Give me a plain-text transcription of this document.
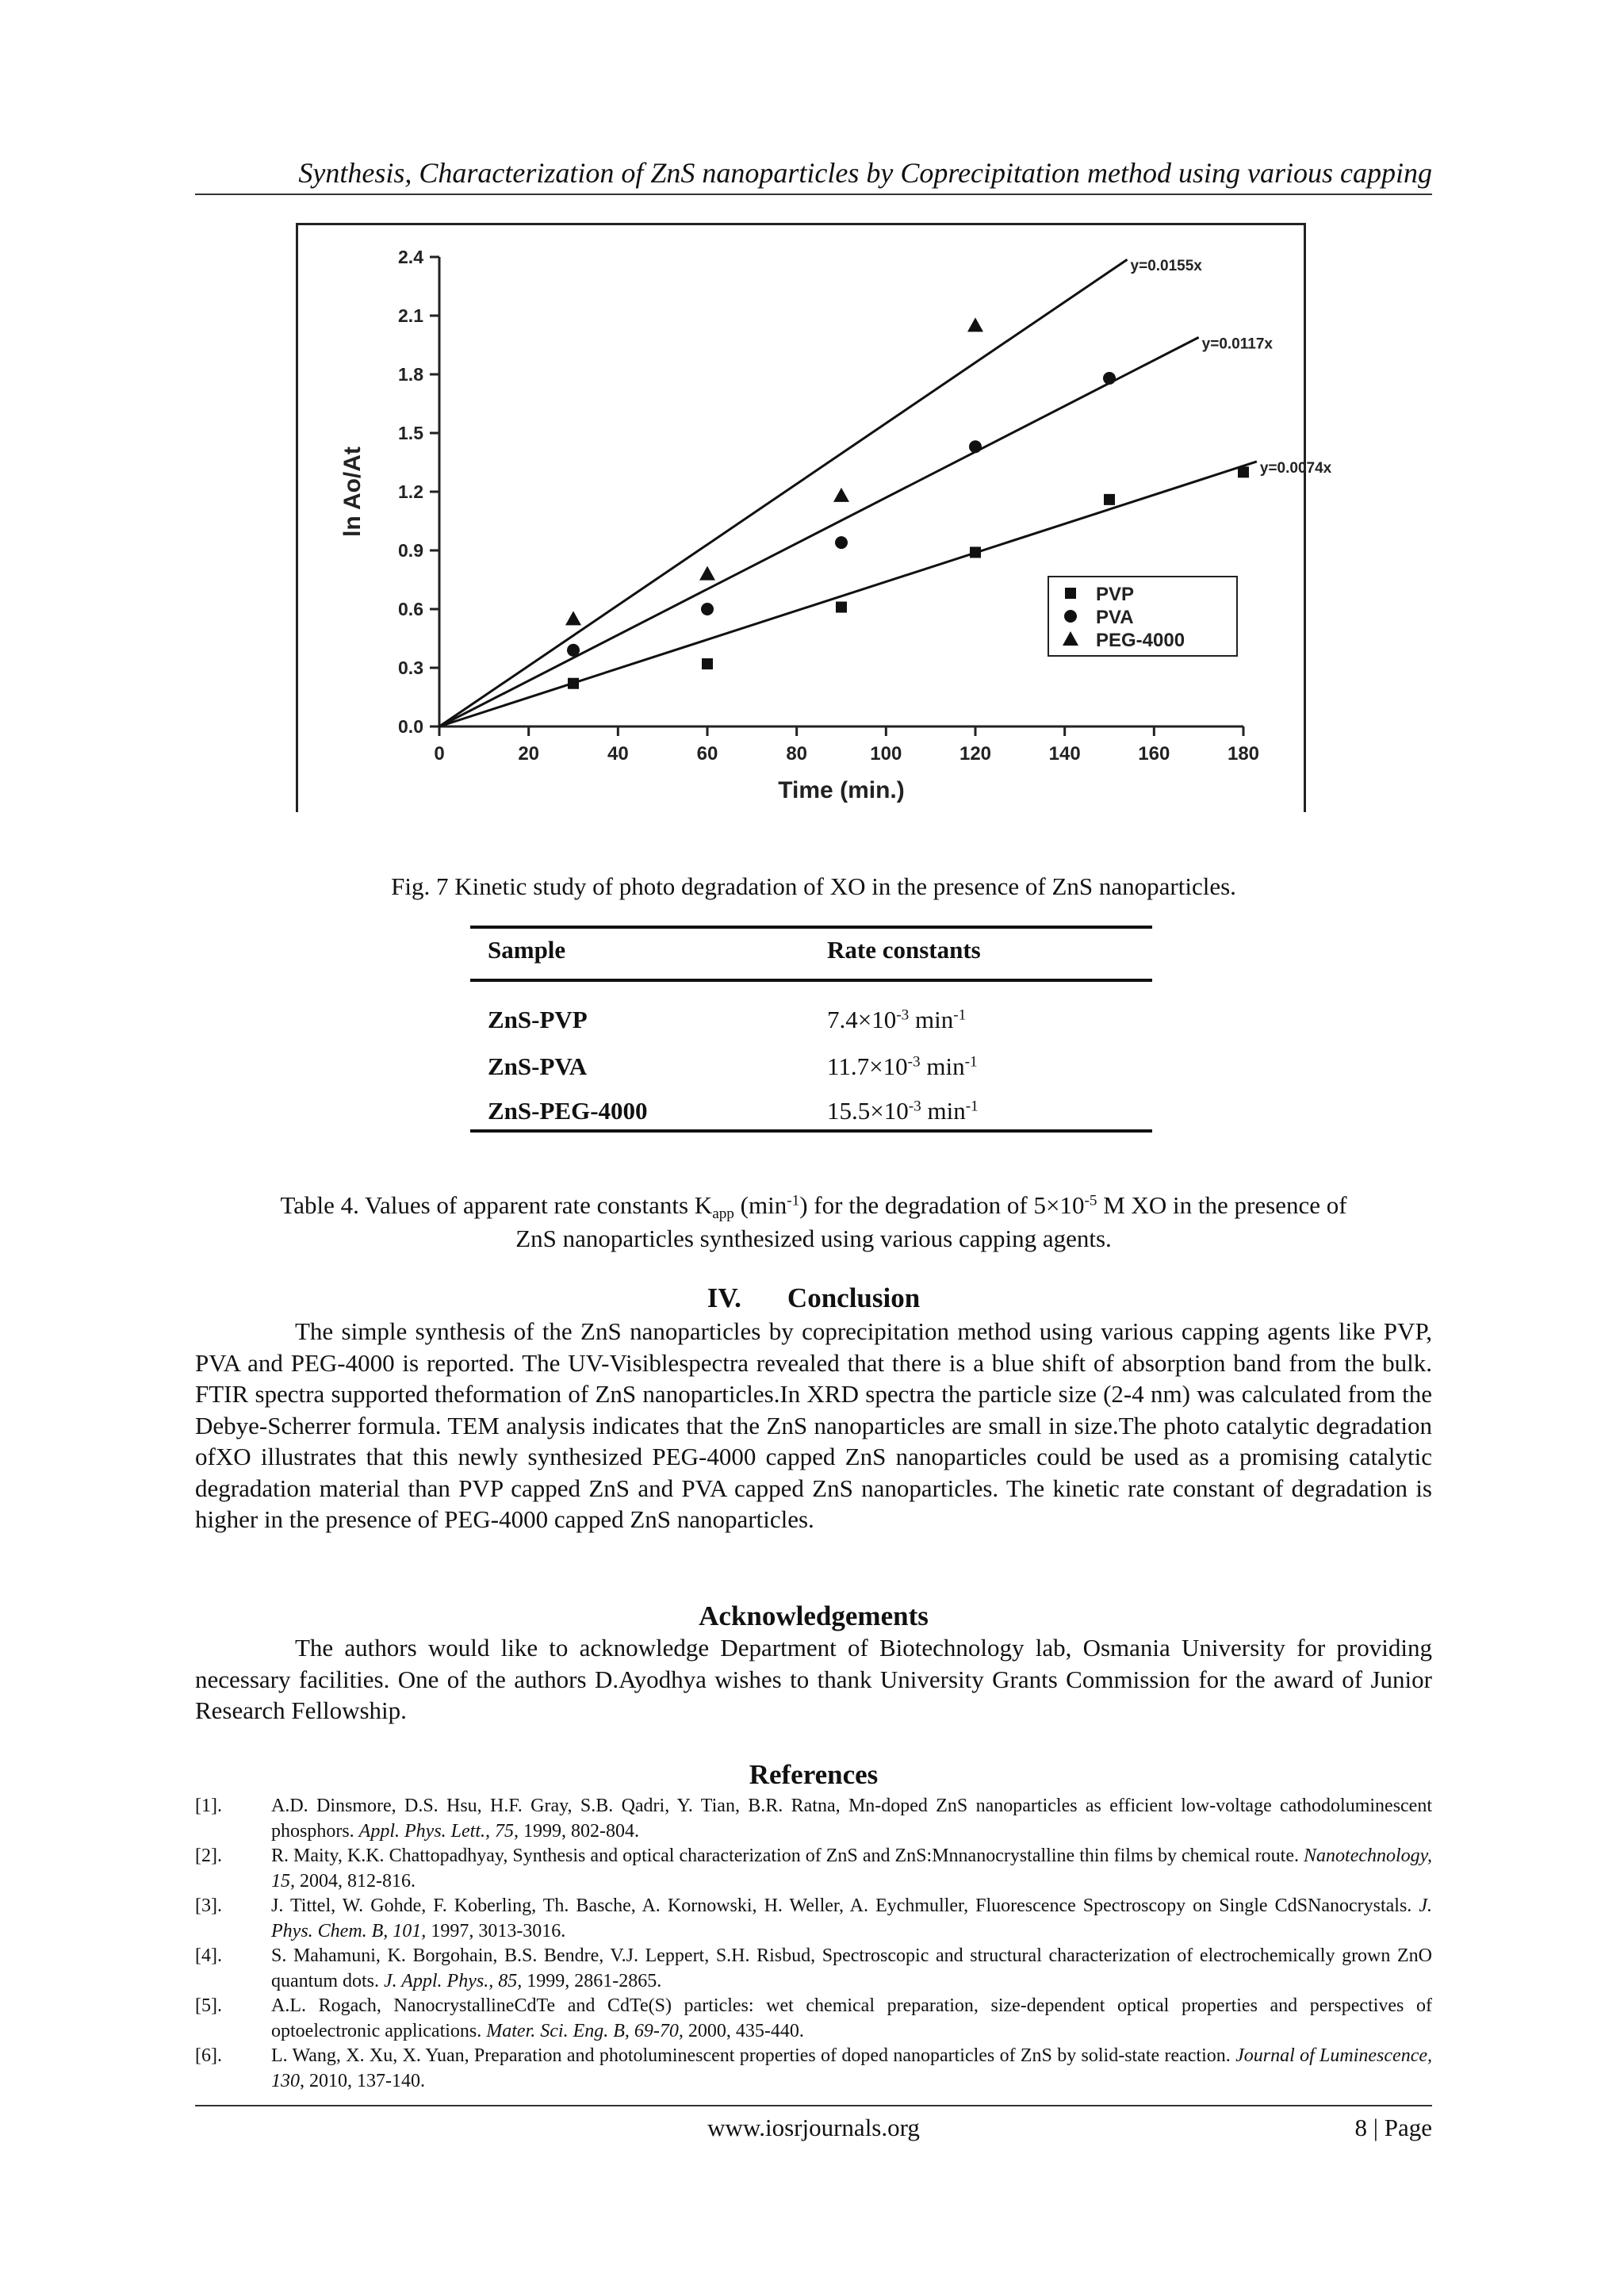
Synthesis, Characterization of ZnS nanoparticles by Coprecipitation method using various capping
0.0
0.3
0.6
0.9
1.2
1.5
1.8
2.1
2.4
0	20	40	60	80	100	120	140	160	180
Time (min.)
ln Ao/At	y=0.0074x
y=0.0117x
y=0.0155x
PVP
PVA
PEG-4000
Fig. 7 Kinetic study of photo degradation of XO in the presence of ZnS nanoparticles.
Sample	Rate constants
ZnS-PVP	$7.4\times 10^{-3}$ $\min^{-1}$
ZnS-PVA	$11.7\times 10^{-3}$ $\min^{-1}$
ZnS-PEG-4000	$15.5\times 10^{-3}$ $\min^{-1}$
Table 4. Values of apparent rate constants $K_{app}$ $(\min^{-1})$ for the degradation of $5\times 10^{-5}$ M XO in the presence of
ZnS nanoparticles synthesized using various capping agents.
IV. Conclusion
The simple synthesis of the ZnS nanoparticles by coprecipitation method using various capping agents like PVP, PVA and PEG-4000 is reported. The UV-Visiblespectra revealed that there is a blue shift of absorption band from the bulk. FTIR spectra supported theformation of ZnS nanoparticles.In XRD spectra the particle size (2-4 nm) was calculated from the Debye-Scherrer formula. TEM analysis indicates that the ZnS nanoparticles are small in size.The photo catalytic degradation ofXO illustrates that this newly synthesized PEG-4000 capped ZnS nanoparticles could be used as a promising catalytic degradation material than PVP capped ZnS and PVA capped ZnS nanoparticles. The kinetic rate constant of degradation is higher in the presence of PEG-4000 capped ZnS nanoparticles.
Acknowledgements
The authors would like to acknowledge Department of Biotechnology lab, Osmania University for providing necessary facilities. One of the authors D.Ayodhya wishes to thank University Grants Commission for the award of Junior Research Fellowship.
References
[1].	A.D. Dinsmore, D.S. Hsu, H.F. Gray, S.B. Qadri, Y. Tian, B.R. Ratna, Mn-doped ZnS nanoparticles as efficient low-voltage cathodoluminescent phosphors. Appl. Phys. Lett., 75, 1999, 802-804.
[2].	R. Maity, K.K. Chattopadhyay, Synthesis and optical characterization of ZnS and ZnS:Mnnanocrystalline thin films by chemical route. Nanotechnology, 15, 2004, 812-816.
[3].	J. Tittel, W. Gohde, F. Koberling, Th. Basche, A. Kornowski, H. Weller, A. Eychmuller, Fluorescence Spectroscopy on Single CdSNanocrystals. J. Phys. Chem. B, 101, 1997, 3013-3016.
[4].	S. Mahamuni, K. Borgohain, B.S. Bendre, V.J. Leppert, S.H. Risbud, Spectroscopic and structural characterization of electrochemically grown ZnO quantum dots. J. Appl. Phys., 85, 1999, 2861-2865.
[5].	A.L. Rogach, NanocrystallineCdTe and CdTe(S) particles: wet chemical preparation, size-dependent optical properties and perspectives of optoelectronic applications. Mater. Sci. Eng. B, 69-70, 2000, 435-440.
[6].	L. Wang, X. Xu, X. Yuan, Preparation and photoluminescent properties of doped nanoparticles of ZnS by solid-state reaction. Journal of Luminescence, 130, 2010, 137-140.
www.iosrjournals.org	8 | Page
